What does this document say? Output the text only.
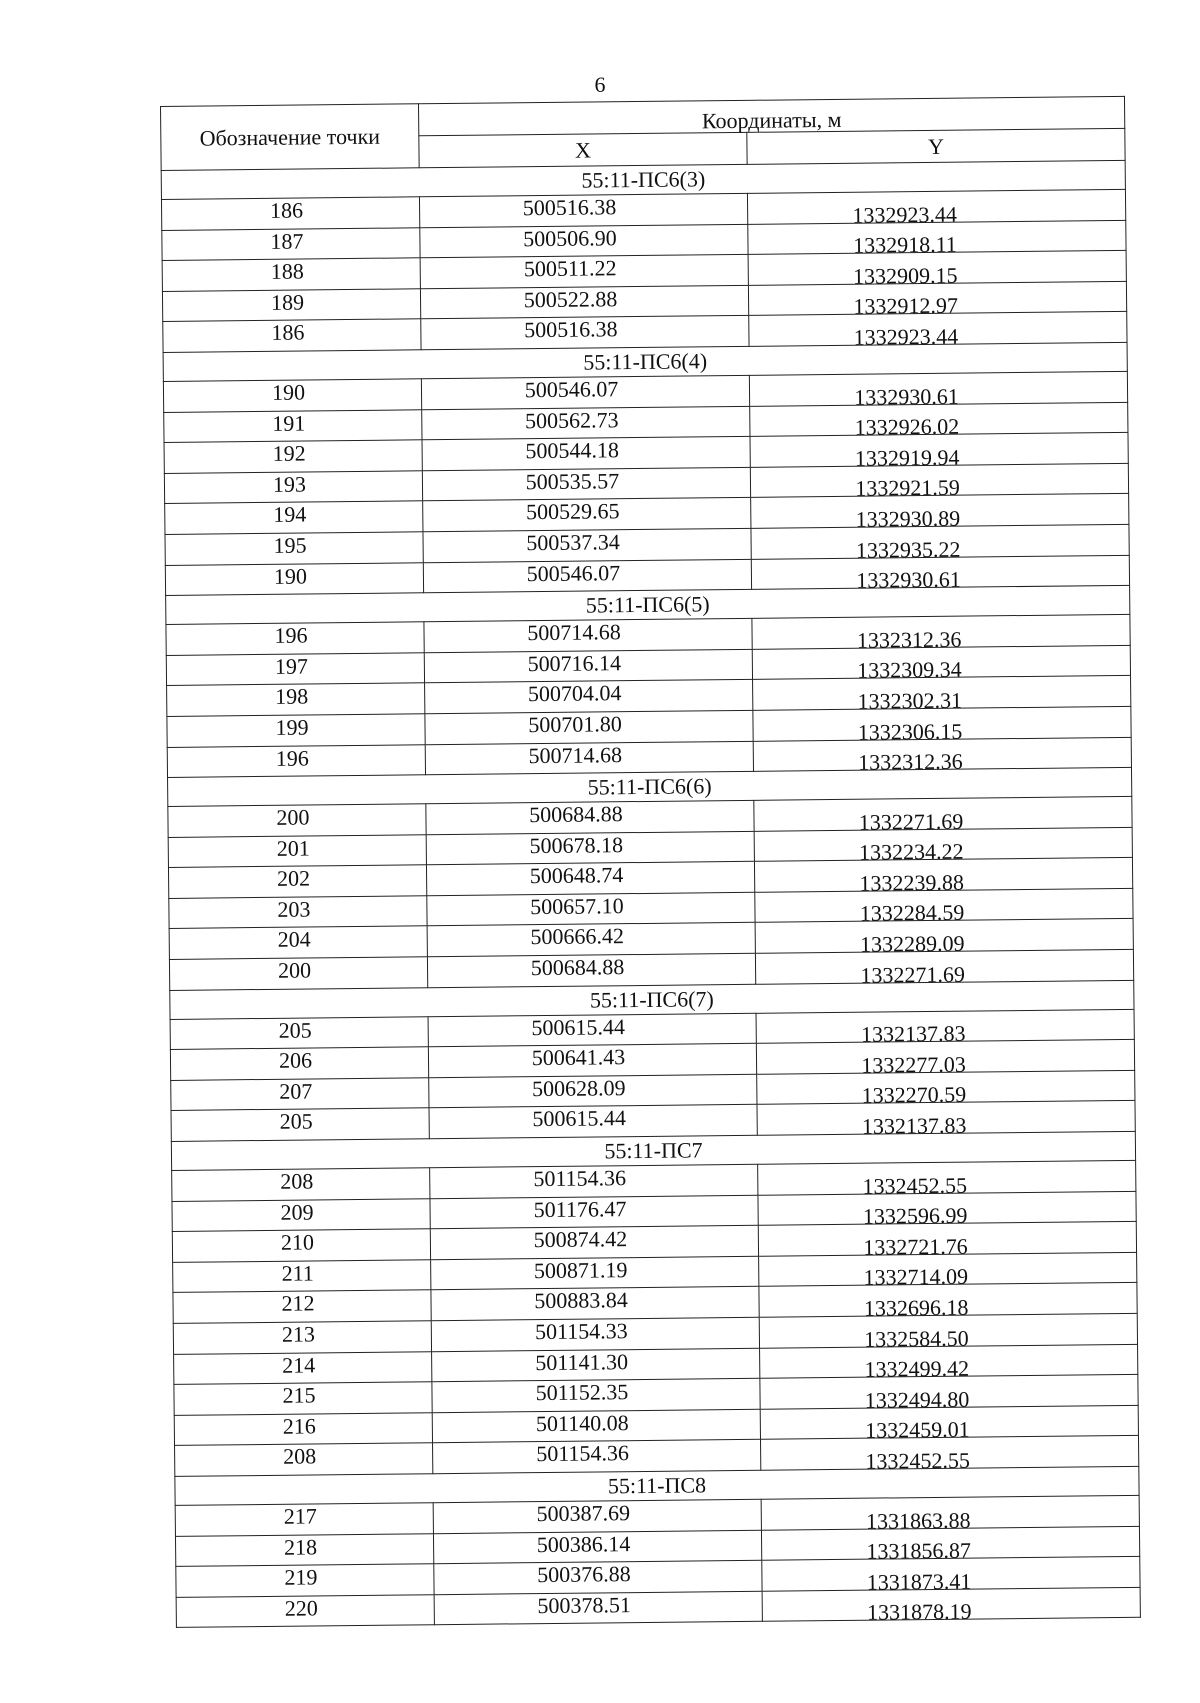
6
Обозначение точки	Координаты, м	
	X	Y
55:11-ПС6(3)		
186	500516.38	1332923.44
187	500506.90	1332918.11
188	500511.22	1332909.15
189	500522.88	1332912.97
186	500516.38	1332923.44
55:11-ПС6(4)		
190	500546.07	1332930.61
191	500562.73	1332926.02
192	500544.18	1332919.94
193	500535.57	1332921.59
194	500529.65	1332930.89
195	500537.34	1332935.22
190	500546.07	1332930.61
55:11-ПС6(5)		
196	500714.68	1332312.36
197	500716.14	1332309.34
198	500704.04	1332302.31
199	500701.80	1332306.15
196	500714.68	1332312.36
55:11-ПС6(6)		
200	500684.88	1332271.69
201	500678.18	1332234.22
202	500648.74	1332239.88
203	500657.10	1332284.59
204	500666.42	1332289.09
200	500684.88	1332271.69
55:11-ПС6(7)		
205	500615.44	1332137.83
206	500641.43	1332277.03
207	500628.09	1332270.59
205	500615.44	1332137.83
55:11-ПС7		
208	501154.36	1332452.55
209	501176.47	1332596.99
210	500874.42	1332721.76
211	500871.19	1332714.09
212	500883.84	1332696.18
213	501154.33	1332584.50
214	501141.30	1332499.42
215	501152.35	1332494.80
216	501140.08	1332459.01
208	501154.36	1332452.55
55:11-ПС8		
217	500387.69	1331863.88
218	500386.14	1331856.87
219	500376.88	1331873.41
220	500378.51	1331878.19
